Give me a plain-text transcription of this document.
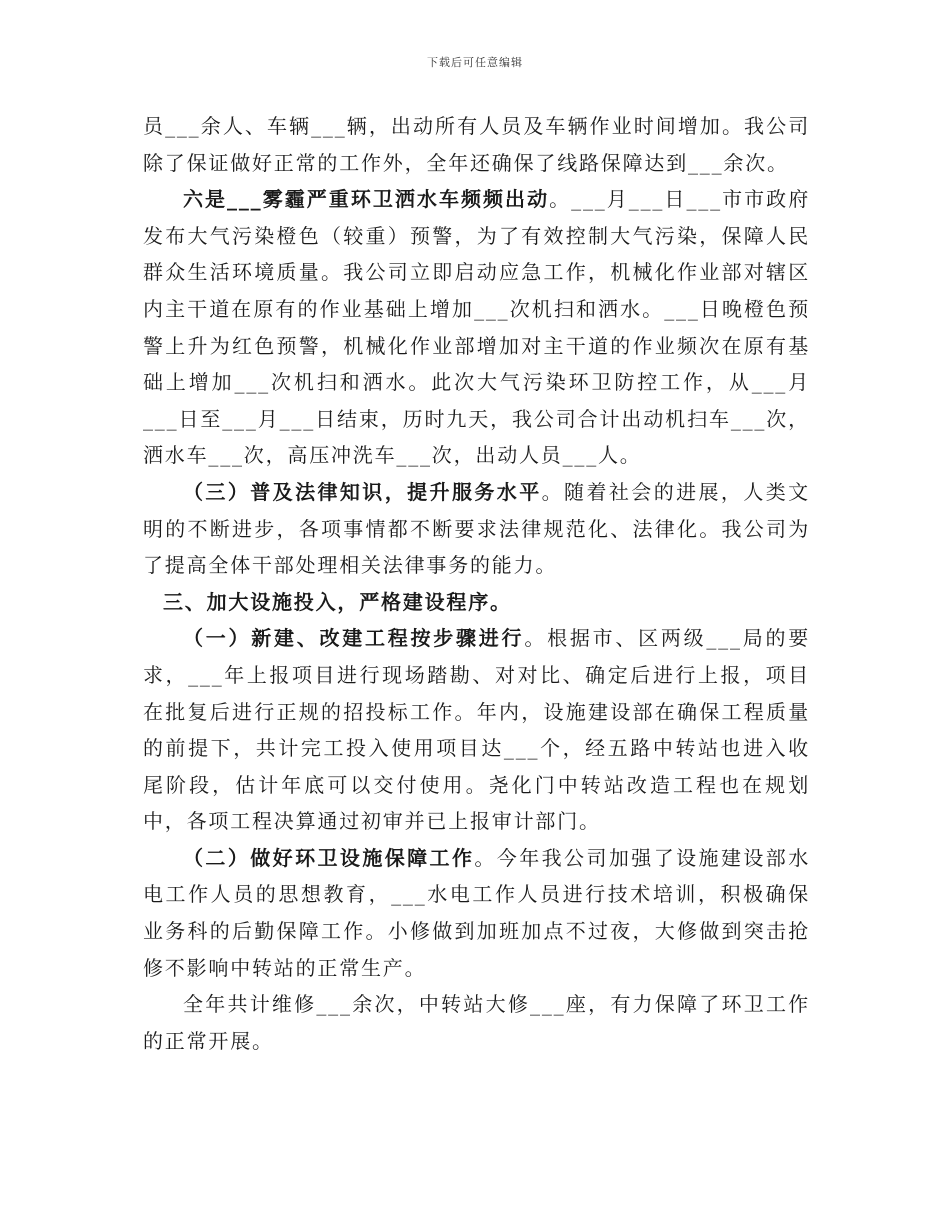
下载后可任意编辑

员___余人、车辆___辆，出动所有人员及车辆作业时间增加。我公司除了保证做好正常的工作外，全年还确保了线路保障达到___余次。

六是___雾霾严重环卫洒水车频频出动。___月___日___市市政府发布大气污染橙色（较重）预警，为了有效控制大气污染，保障人民群众生活环境质量。我公司立即启动应急工作，机械化作业部对辖区内主干道在原有的作业基础上增加___次机扫和洒水。___日晚橙色预警上升为红色预警，机械化作业部增加对主干道的作业频次在原有基础上增加___次机扫和洒水。此次大气污染环卫防控工作，从___月___日至___月___日结束，历时九天，我公司合计出动机扫车___次，洒水车___次，高压冲洗车___次，出动人员___人。

（三）普及法律知识，提升服务水平。随着社会的进展，人类文明的不断进步，各项事情都不断要求法律规范化、法律化。我公司为了提高全体干部处理相关法律事务的能力。

三、加大设施投入，严格建设程序。

（一）新建、改建工程按步骤进行。根据市、区两级___局的要求，___年上报项目进行现场踏勘、对对比、确定后进行上报，项目在批复后进行正规的招投标工作。年内，设施建设部在确保工程质量的前提下，共计完工投入使用项目达___个，经五路中转站也进入收尾阶段，估计年底可以交付使用。尧化门中转站改造工程也在规划中，各项工程决算通过初审并已上报审计部门。

（二）做好环卫设施保障工作。今年我公司加强了设施建设部水电工作人员的思想教育，___水电工作人员进行技术培训，积极确保业务科的后勤保障工作。小修做到加班加点不过夜，大修做到突击抢修不影响中转站的正常生产。

全年共计维修___余次，中转站大修___座，有力保障了环卫工作的正常开展。
